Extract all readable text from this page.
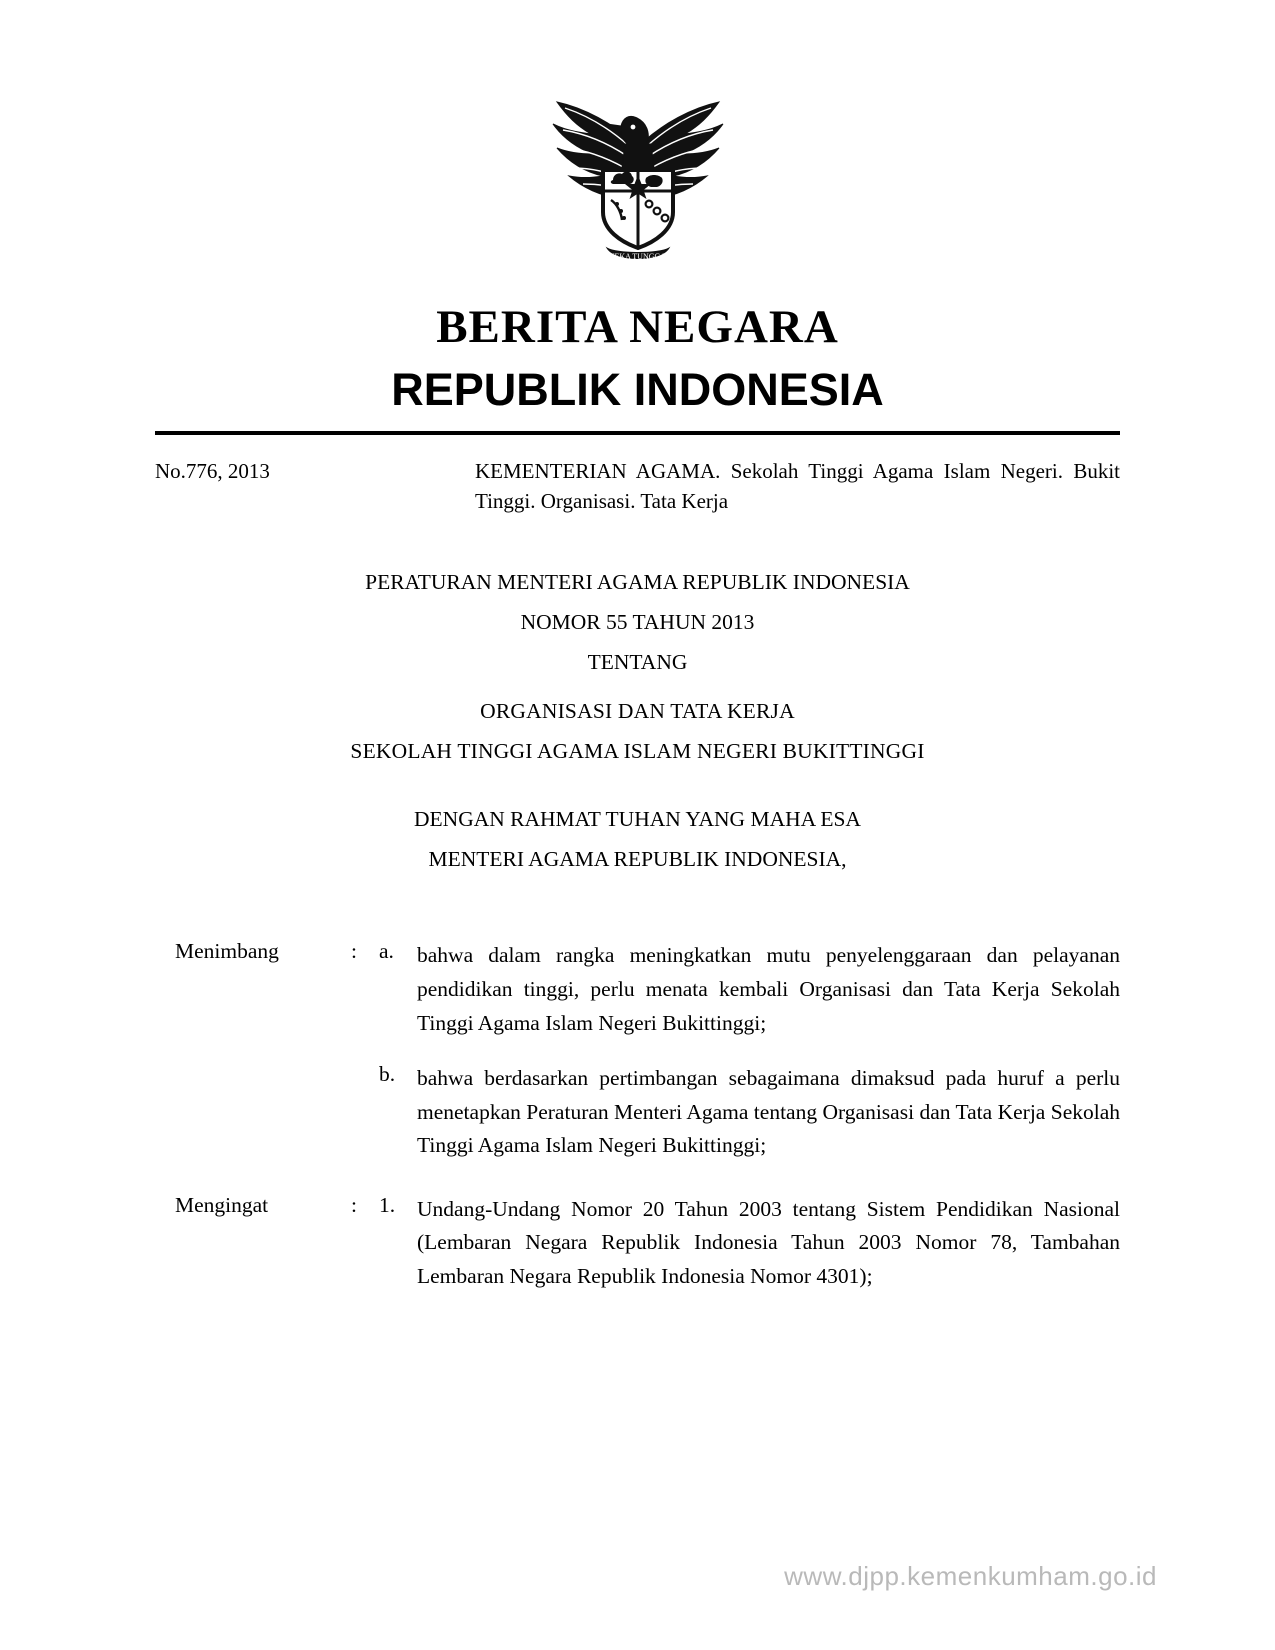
BHINNEKA TUNGGAL IKA
BERITA NEGARA
REPUBLIK INDONESIA
No.776, 2013	KEMENTERIAN AGAMA. Sekolah Tinggi Agama Islam Negeri. Bukit Tinggi. Organisasi. Tata Kerja
PERATURAN MENTERI AGAMA REPUBLIK INDONESIA
NOMOR 55 TAHUN 2013
TENTANG
ORGANISASI DAN TATA KERJA
SEKOLAH TINGGI AGAMA ISLAM NEGERI BUKITTINGGI
DENGAN RAHMAT TUHAN YANG MAHA ESA
MENTERI AGAMA REPUBLIK INDONESIA,
Menimbang	:	a.	bahwa dalam rangka meningkatkan mutu penyelenggaraan dan pelayanan pendidikan tinggi, perlu menata kembali Organisasi dan Tata Kerja Sekolah Tinggi Agama Islam Negeri Bukittinggi;
b.	bahwa berdasarkan pertimbangan sebagaimana dimaksud pada huruf a perlu menetapkan Peraturan Menteri Agama tentang Organisasi dan Tata Kerja Sekolah Tinggi Agama Islam Negeri Bukittinggi;
Mengingat	:	1.	Undang-Undang Nomor 20 Tahun 2003 tentang Sistem Pendidikan Nasional (Lembaran Negara Republik Indonesia Tahun 2003 Nomor 78, Tambahan Lembaran Negara Republik Indonesia Nomor 4301);
www.djpp.kemenkumham.go.id
